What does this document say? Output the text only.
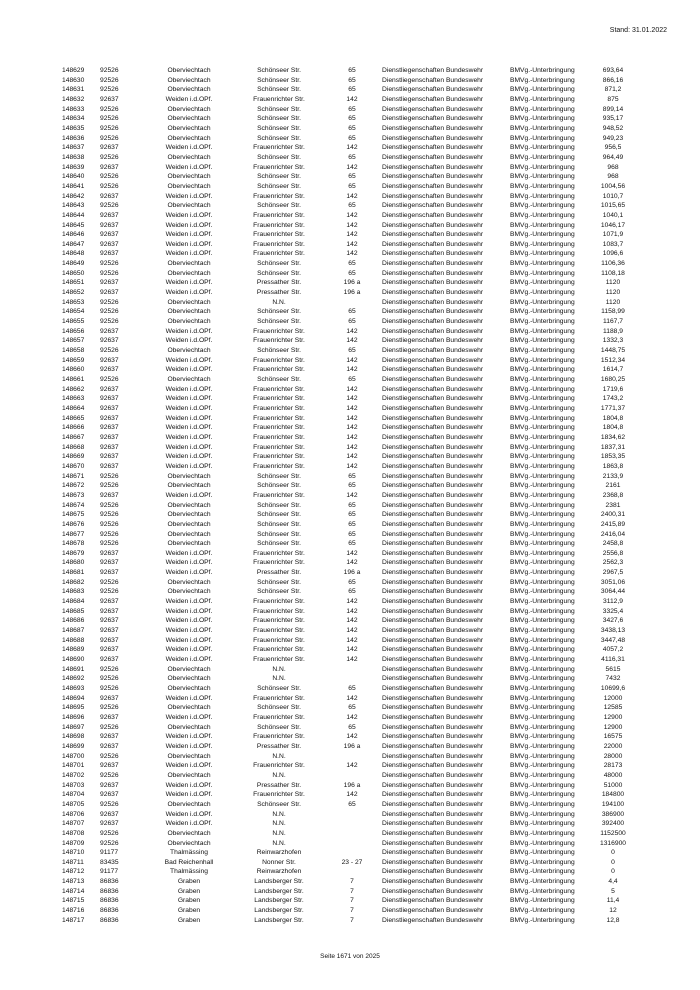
Stand: 31.01.2022
148629	92526	Oberviechtach	Schönseer Str.	65	Dienstliegenschaften Bundeswehr	BMVg.-Unterbringung	693,64
148630	92526	Oberviechtach	Schönseer Str.	65	Dienstliegenschaften Bundeswehr	BMVg.-Unterbringung	866,16
148631	92526	Oberviechtach	Schönseer Str.	65	Dienstliegenschaften Bundeswehr	BMVg.-Unterbringung	871,2
148632	92637	Weiden i.d.OPf.	Frauenrichter Str.	142	Dienstliegenschaften Bundeswehr	BMVg.-Unterbringung	875
148633	92526	Oberviechtach	Schönseer Str.	65	Dienstliegenschaften Bundeswehr	BMVg.-Unterbringung	899,14
148634	92526	Oberviechtach	Schönseer Str.	65	Dienstliegenschaften Bundeswehr	BMVg.-Unterbringung	935,17
148635	92526	Oberviechtach	Schönseer Str.	65	Dienstliegenschaften Bundeswehr	BMVg.-Unterbringung	948,52
148636	92526	Oberviechtach	Schönseer Str.	65	Dienstliegenschaften Bundeswehr	BMVg.-Unterbringung	949,23
148637	92637	Weiden i.d.OPf.	Frauenrichter Str.	142	Dienstliegenschaften Bundeswehr	BMVg.-Unterbringung	956,5
148638	92526	Oberviechtach	Schönseer Str.	65	Dienstliegenschaften Bundeswehr	BMVg.-Unterbringung	964,49
148639	92637	Weiden i.d.OPf.	Frauenrichter Str.	142	Dienstliegenschaften Bundeswehr	BMVg.-Unterbringung	968
148640	92526	Oberviechtach	Schönseer Str.	65	Dienstliegenschaften Bundeswehr	BMVg.-Unterbringung	968
148641	92526	Oberviechtach	Schönseer Str.	65	Dienstliegenschaften Bundeswehr	BMVg.-Unterbringung	1004,56
148642	92637	Weiden i.d.OPf.	Frauenrichter Str.	142	Dienstliegenschaften Bundeswehr	BMVg.-Unterbringung	1010,7
148643	92526	Oberviechtach	Schönseer Str.	65	Dienstliegenschaften Bundeswehr	BMVg.-Unterbringung	1015,65
148644	92637	Weiden i.d.OPf.	Frauenrichter Str.	142	Dienstliegenschaften Bundeswehr	BMVg.-Unterbringung	1040,1
148645	92637	Weiden i.d.OPf.	Frauenrichter Str.	142	Dienstliegenschaften Bundeswehr	BMVg.-Unterbringung	1046,17
148646	92637	Weiden i.d.OPf.	Frauenrichter Str.	142	Dienstliegenschaften Bundeswehr	BMVg.-Unterbringung	1071,9
148647	92637	Weiden i.d.OPf.	Frauenrichter Str.	142	Dienstliegenschaften Bundeswehr	BMVg.-Unterbringung	1083,7
148648	92637	Weiden i.d.OPf.	Frauenrichter Str.	142	Dienstliegenschaften Bundeswehr	BMVg.-Unterbringung	1096,6
148649	92526	Oberviechtach	Schönseer Str.	65	Dienstliegenschaften Bundeswehr	BMVg.-Unterbringung	1106,36
148650	92526	Oberviechtach	Schönseer Str.	65	Dienstliegenschaften Bundeswehr	BMVg.-Unterbringung	1108,18
148651	92637	Weiden i.d.OPf.	Pressather Str.	196 a	Dienstliegenschaften Bundeswehr	BMVg.-Unterbringung	1120
148652	92637	Weiden i.d.OPf.	Pressather Str.	196 a	Dienstliegenschaften Bundeswehr	BMVg.-Unterbringung	1120
148653	92526	Oberviechtach	N.N.		Dienstliegenschaften Bundeswehr	BMVg.-Unterbringung	1120
148654	92526	Oberviechtach	Schönseer Str.	65	Dienstliegenschaften Bundeswehr	BMVg.-Unterbringung	1158,99
148655	92526	Oberviechtach	Schönseer Str.	65	Dienstliegenschaften Bundeswehr	BMVg.-Unterbringung	1167,7
148656	92637	Weiden i.d.OPf.	Frauenrichter Str.	142	Dienstliegenschaften Bundeswehr	BMVg.-Unterbringung	1188,9
148657	92637	Weiden i.d.OPf.	Frauenrichter Str.	142	Dienstliegenschaften Bundeswehr	BMVg.-Unterbringung	1332,3
148658	92526	Oberviechtach	Schönseer Str.	65	Dienstliegenschaften Bundeswehr	BMVg.-Unterbringung	1448,75
148659	92637	Weiden i.d.OPf.	Frauenrichter Str.	142	Dienstliegenschaften Bundeswehr	BMVg.-Unterbringung	1512,34
148660	92637	Weiden i.d.OPf.	Frauenrichter Str.	142	Dienstliegenschaften Bundeswehr	BMVg.-Unterbringung	1614,7
148661	92526	Oberviechtach	Schönseer Str.	65	Dienstliegenschaften Bundeswehr	BMVg.-Unterbringung	1680,25
148662	92637	Weiden i.d.OPf.	Frauenrichter Str.	142	Dienstliegenschaften Bundeswehr	BMVg.-Unterbringung	1719,6
148663	92637	Weiden i.d.OPf.	Frauenrichter Str.	142	Dienstliegenschaften Bundeswehr	BMVg.-Unterbringung	1743,2
148664	92637	Weiden i.d.OPf.	Frauenrichter Str.	142	Dienstliegenschaften Bundeswehr	BMVg.-Unterbringung	1771,37
148665	92637	Weiden i.d.OPf.	Frauenrichter Str.	142	Dienstliegenschaften Bundeswehr	BMVg.-Unterbringung	1804,8
148666	92637	Weiden i.d.OPf.	Frauenrichter Str.	142	Dienstliegenschaften Bundeswehr	BMVg.-Unterbringung	1804,8
148667	92637	Weiden i.d.OPf.	Frauenrichter Str.	142	Dienstliegenschaften Bundeswehr	BMVg.-Unterbringung	1834,62
148668	92637	Weiden i.d.OPf.	Frauenrichter Str.	142	Dienstliegenschaften Bundeswehr	BMVg.-Unterbringung	1837,31
148669	92637	Weiden i.d.OPf.	Frauenrichter Str.	142	Dienstliegenschaften Bundeswehr	BMVg.-Unterbringung	1853,35
148670	92637	Weiden i.d.OPf.	Frauenrichter Str.	142	Dienstliegenschaften Bundeswehr	BMVg.-Unterbringung	1863,8
148671	92526	Oberviechtach	Schönseer Str.	65	Dienstliegenschaften Bundeswehr	BMVg.-Unterbringung	2133,9
148672	92526	Oberviechtach	Schönseer Str.	65	Dienstliegenschaften Bundeswehr	BMVg.-Unterbringung	2161
148673	92637	Weiden i.d.OPf.	Frauenrichter Str.	142	Dienstliegenschaften Bundeswehr	BMVg.-Unterbringung	2368,8
148674	92526	Oberviechtach	Schönseer Str.	65	Dienstliegenschaften Bundeswehr	BMVg.-Unterbringung	2381
148675	92526	Oberviechtach	Schönseer Str.	65	Dienstliegenschaften Bundeswehr	BMVg.-Unterbringung	2400,31
148676	92526	Oberviechtach	Schönseer Str.	65	Dienstliegenschaften Bundeswehr	BMVg.-Unterbringung	2415,89
148677	92526	Oberviechtach	Schönseer Str.	65	Dienstliegenschaften Bundeswehr	BMVg.-Unterbringung	2416,04
148678	92526	Oberviechtach	Schönseer Str.	65	Dienstliegenschaften Bundeswehr	BMVg.-Unterbringung	2458,8
148679	92637	Weiden i.d.OPf.	Frauenrichter Str.	142	Dienstliegenschaften Bundeswehr	BMVg.-Unterbringung	2556,8
148680	92637	Weiden i.d.OPf.	Frauenrichter Str.	142	Dienstliegenschaften Bundeswehr	BMVg.-Unterbringung	2562,3
148681	92637	Weiden i.d.OPf.	Pressather Str.	196 a	Dienstliegenschaften Bundeswehr	BMVg.-Unterbringung	2967,5
148682	92526	Oberviechtach	Schönseer Str.	65	Dienstliegenschaften Bundeswehr	BMVg.-Unterbringung	3051,06
148683	92526	Oberviechtach	Schönseer Str.	65	Dienstliegenschaften Bundeswehr	BMVg.-Unterbringung	3064,44
148684	92637	Weiden i.d.OPf.	Frauenrichter Str.	142	Dienstliegenschaften Bundeswehr	BMVg.-Unterbringung	3112,9
148685	92637	Weiden i.d.OPf.	Frauenrichter Str.	142	Dienstliegenschaften Bundeswehr	BMVg.-Unterbringung	3325,4
148686	92637	Weiden i.d.OPf.	Frauenrichter Str.	142	Dienstliegenschaften Bundeswehr	BMVg.-Unterbringung	3427,6
148687	92637	Weiden i.d.OPf.	Frauenrichter Str.	142	Dienstliegenschaften Bundeswehr	BMVg.-Unterbringung	3438,13
148688	92637	Weiden i.d.OPf.	Frauenrichter Str.	142	Dienstliegenschaften Bundeswehr	BMVg.-Unterbringung	3447,48
148689	92637	Weiden i.d.OPf.	Frauenrichter Str.	142	Dienstliegenschaften Bundeswehr	BMVg.-Unterbringung	4057,2
148690	92637	Weiden i.d.OPf.	Frauenrichter Str.	142	Dienstliegenschaften Bundeswehr	BMVg.-Unterbringung	4116,31
148691	92526	Oberviechtach	N.N.		Dienstliegenschaften Bundeswehr	BMVg.-Unterbringung	5615
148692	92526	Oberviechtach	N.N.		Dienstliegenschaften Bundeswehr	BMVg.-Unterbringung	7432
148693	92526	Oberviechtach	Schönseer Str.	65	Dienstliegenschaften Bundeswehr	BMVg.-Unterbringung	10699,6
148694	92637	Weiden i.d.OPf.	Frauenrichter Str.	142	Dienstliegenschaften Bundeswehr	BMVg.-Unterbringung	12000
148695	92526	Oberviechtach	Schönseer Str.	65	Dienstliegenschaften Bundeswehr	BMVg.-Unterbringung	12585
148696	92637	Weiden i.d.OPf.	Frauenrichter Str.	142	Dienstliegenschaften Bundeswehr	BMVg.-Unterbringung	12900
148697	92526	Oberviechtach	Schönseer Str.	65	Dienstliegenschaften Bundeswehr	BMVg.-Unterbringung	12900
148698	92637	Weiden i.d.OPf.	Frauenrichter Str.	142	Dienstliegenschaften Bundeswehr	BMVg.-Unterbringung	16575
148699	92637	Weiden i.d.OPf.	Pressather Str.	196 a	Dienstliegenschaften Bundeswehr	BMVg.-Unterbringung	22000
148700	92526	Oberviechtach	N.N.		Dienstliegenschaften Bundeswehr	BMVg.-Unterbringung	28000
148701	92637	Weiden i.d.OPf.	Frauenrichter Str.	142	Dienstliegenschaften Bundeswehr	BMVg.-Unterbringung	28173
148702	92526	Oberviechtach	N.N.		Dienstliegenschaften Bundeswehr	BMVg.-Unterbringung	48000
148703	92637	Weiden i.d.OPf.	Pressather Str.	196 a	Dienstliegenschaften Bundeswehr	BMVg.-Unterbringung	51000
148704	92637	Weiden i.d.OPf.	Frauenrichter Str.	142	Dienstliegenschaften Bundeswehr	BMVg.-Unterbringung	184800
148705	92526	Oberviechtach	Schönseer Str.	65	Dienstliegenschaften Bundeswehr	BMVg.-Unterbringung	194100
148706	92637	Weiden i.d.OPf.	N.N.		Dienstliegenschaften Bundeswehr	BMVg.-Unterbringung	386900
148707	92637	Weiden i.d.OPf.	N.N.		Dienstliegenschaften Bundeswehr	BMVg.-Unterbringung	392400
148708	92526	Oberviechtach	N.N.		Dienstliegenschaften Bundeswehr	BMVg.-Unterbringung	1152500
148709	92526	Oberviechtach	N.N.		Dienstliegenschaften Bundeswehr	BMVg.-Unterbringung	1316900
148710	91177	Thalmässing	Reinwarzhofen		Dienstliegenschaften Bundeswehr	BMVg.-Unterbringung	0
148711	83435	Bad Reichenhall	Nonner Str.	23 - 27	Dienstliegenschaften Bundeswehr	BMVg.-Unterbringung	0
148712	91177	Thalmässing	Reinwarzhofen		Dienstliegenschaften Bundeswehr	BMVg.-Unterbringung	0
148713	86836	Graben	Landsberger Str.	7	Dienstliegenschaften Bundeswehr	BMVg.-Unterbringung	4,4
148714	86836	Graben	Landsberger Str.	7	Dienstliegenschaften Bundeswehr	BMVg.-Unterbringung	5
148715	86836	Graben	Landsberger Str.	7	Dienstliegenschaften Bundeswehr	BMVg.-Unterbringung	11,4
148716	86836	Graben	Landsberger Str.	7	Dienstliegenschaften Bundeswehr	BMVg.-Unterbringung	12
148717	86836	Graben	Landsberger Str.	7	Dienstliegenschaften Bundeswehr	BMVg.-Unterbringung	12,8
Seite 1671 von 2025
